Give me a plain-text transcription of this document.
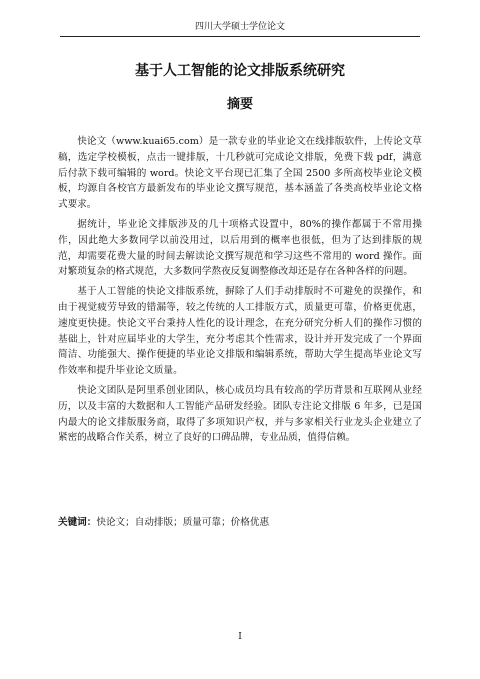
四川大学硕士学位论文
基于人工智能的论文排版系统研究
摘要

快论文（www.kuai65.com）是一款专业的毕业论文在线排版软件，上传论文草稿，选定学校模板，点击一键排版，十几秒就可完成论文排版，免费下载 pdf，满意后付款下载可编辑的 word。快论文平台现已汇集了全国 2500 多所高校毕业论文模板，均源自各校官方最新发布的毕业论文撰写规范，基本涵盖了各类高校毕业论文格式要求。

据统计，毕业论文排版涉及的几十项格式设置中，80%的操作都属于不常用操作，因此绝大多数同学以前没用过，以后用到的概率也很低，但为了达到排版的规范，却需要花费大量的时间去解读论文撰写规范和学习这些不常用的 word 操作。面对繁琐复杂的格式规范，大多数同学熬夜反复调整修改却还是存在各种各样的问题。

基于人工智能的快论文排版系统，摒除了人们手动排版时不可避免的误操作，和由于视觉疲劳导致的错漏等，较之传统的人工排版方式，质量更可靠，价格更优惠，速度更快捷。快论文平台秉持人性化的设计理念，在充分研究分析人们的操作习惯的基础上，针对应届毕业的大学生，充分考虑其个性需求，设计并开发完成了一个界面简洁、功能强大、操作便捷的毕业论文排版和编辑系统，帮助大学生提高毕业论文写作效率和提升毕业论文质量。

快论文团队是阿里系创业团队，核心成员均具有较高的学历背景和互联网从业经历，以及丰富的大数据和人工智能产品研发经验。团队专注论文排版 6 年多，已是国内最大的论文排版服务商，取得了多项知识产权，并与多家相关行业龙头企业建立了紧密的战略合作关系，树立了良好的口碑品牌，专业品质，值得信赖。

关键词：快论文；自动排版；质量可靠；价格优惠
I
